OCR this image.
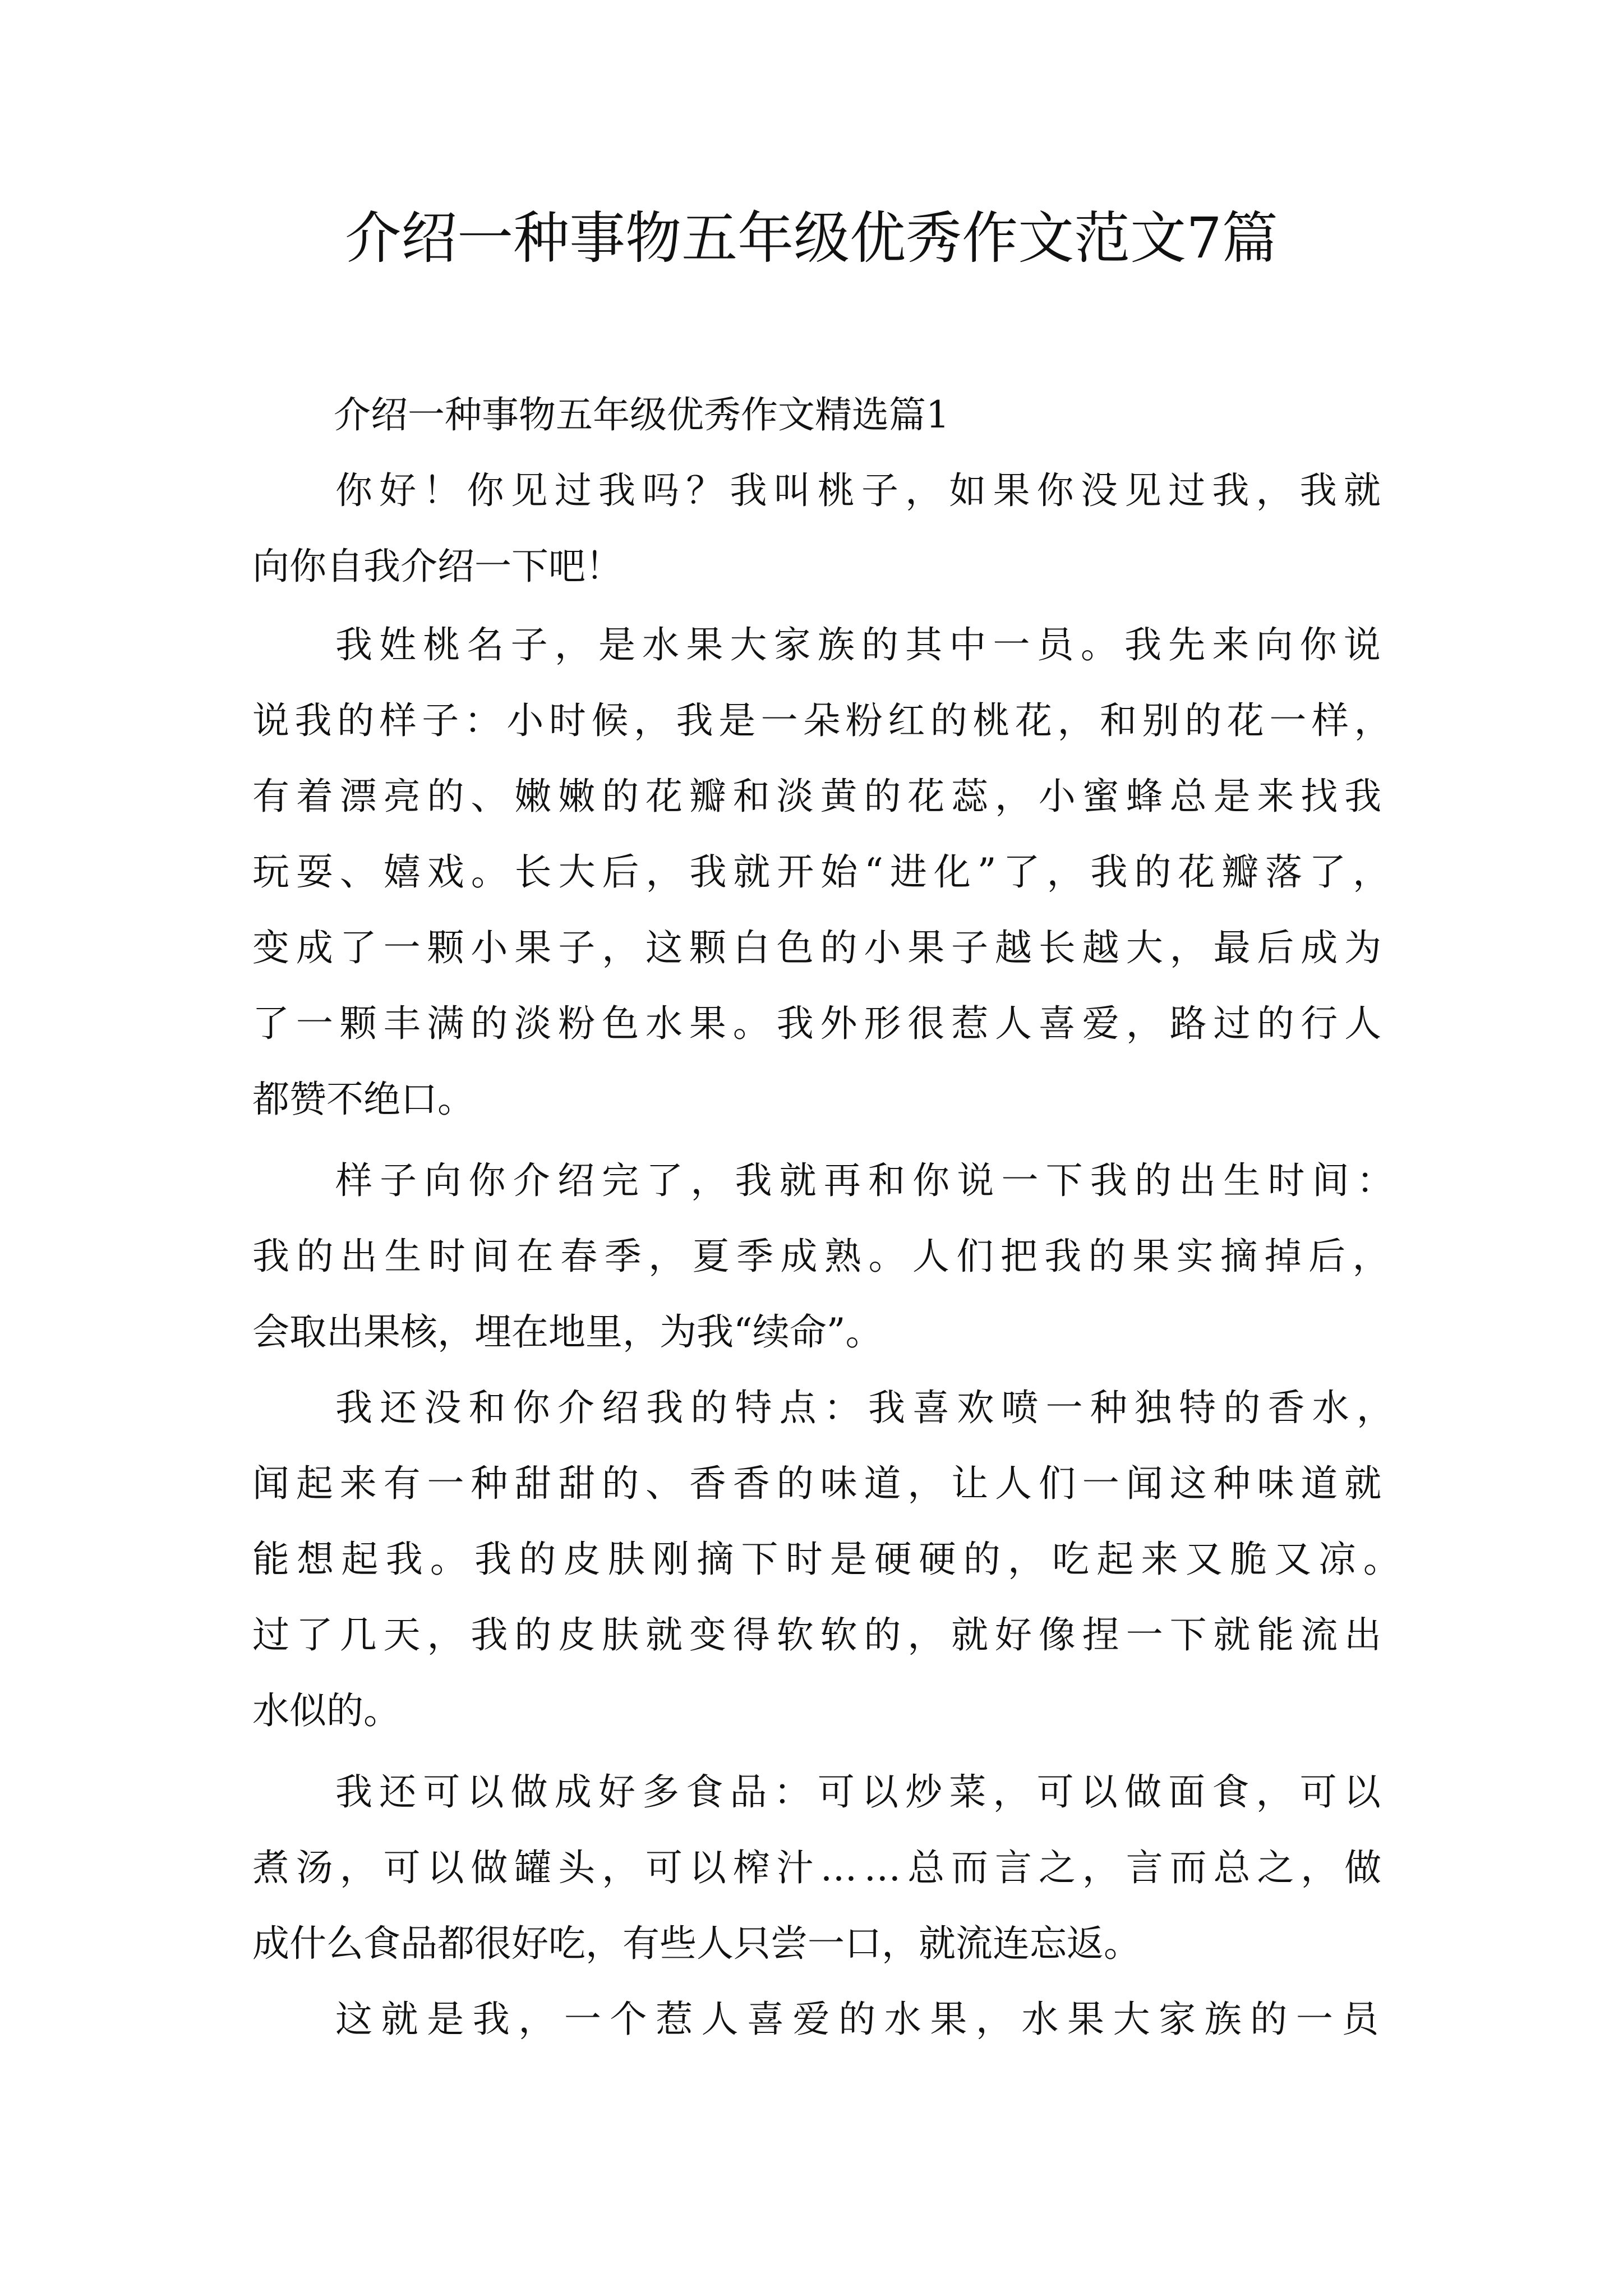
介绍一种事物五年级优秀作文范文7篇
介绍一种事物五年级优秀作文精选篇1
你好！你见过我吗？我叫桃子，如果你没见过我，我就
向你自我介绍一下吧！
我姓桃名子，是水果大家族的其中一员。我先来向你说
说我的样子：小时候，我是一朵粉红的桃花，和别的花一样，
有着漂亮的、嫩嫩的花瓣和淡黄的花蕊，小蜜蜂总是来找我
玩耍、嬉戏。长大后，我就开始“进化”了，我的花瓣落了，
变成了一颗小果子，这颗白色的小果子越长越大，最后成为
了一颗丰满的淡粉色水果。我外形很惹人喜爱，路过的行人
都赞不绝口。
样子向你介绍完了，我就再和你说一下我的出生时间：
我的出生时间在春季，夏季成熟。人们把我的果实摘掉后，
会取出果核，埋在地里，为我“续命”。
我还没和你介绍我的特点：我喜欢喷一种独特的香水，
闻起来有一种甜甜的、香香的味道，让人们一闻这种味道就
能想起我。我的皮肤刚摘下时是硬硬的，吃起来又脆又凉。
过了几天，我的皮肤就变得软软的，就好像捏一下就能流出
水似的。
我还可以做成好多食品：可以炒菜，可以做面食，可以
煮汤，可以做罐头，可以榨汁……总而言之，言而总之，做
成什么食品都很好吃，有些人只尝一口，就流连忘返。
这就是我，一个惹人喜爱的水果，水果大家族的一员
